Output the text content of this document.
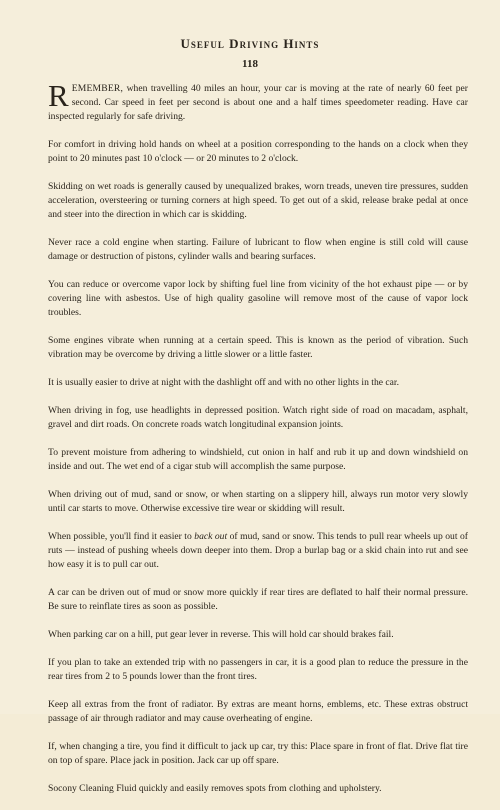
Useful Driving Hints
118

REMEMBER, when travelling 40 miles an hour, your car is moving at the rate of nearly 60 feet per second. Car speed in feet per second is about one and a half times speedometer reading. Have car inspected regularly for safe driving.

For comfort in driving hold hands on wheel at a position corresponding to the hands on a clock when they point to 20 minutes past 10 o'clock — or 20 minutes to 2 o'clock.

Skidding on wet roads is generally caused by unequalized brakes, worn treads, uneven tire pressures, sudden acceleration, oversteering or turning corners at high speed. To get out of a skid, release brake pedal at once and steer into the direction in which car is skidding.

Never race a cold engine when starting. Failure of lubricant to flow when engine is still cold will cause damage or destruction of pistons, cylinder walls and bearing surfaces.

You can reduce or overcome vapor lock by shifting fuel line from vicinity of the hot exhaust pipe — or by covering line with asbestos. Use of high quality gasoline will remove most of the cause of vapor lock troubles.

Some engines vibrate when running at a certain speed. This is known as the period of vibration. Such vibration may be overcome by driving a little slower or a little faster.

It is usually easier to drive at night with the dashlight off and with no other lights in the car.

When driving in fog, use headlights in depressed position. Watch right side of road on macadam, asphalt, gravel and dirt roads. On concrete roads watch longitudinal expansion joints.

To prevent moisture from adhering to windshield, cut onion in half and rub it up and down windshield on inside and out. The wet end of a cigar stub will accomplish the same purpose.

When driving out of mud, sand or snow, or when starting on a slippery hill, always run motor very slowly until car starts to move. Otherwise excessive tire wear or skidding will result.

When possible, you'll find it easier to back out of mud, sand or snow. This tends to pull rear wheels up out of ruts — instead of pushing wheels down deeper into them. Drop a burlap bag or a skid chain into rut and see how easy it is to pull car out.

A car can be driven out of mud or snow more quickly if rear tires are deflated to half their normal pressure. Be sure to reinflate tires as soon as possible.

When parking car on a hill, put gear lever in reverse. This will hold car should brakes fail.

If you plan to take an extended trip with no passengers in car, it is a good plan to reduce the pressure in the rear tires from 2 to 5 pounds lower than the front tires.

Keep all extras from the front of radiator. By extras are meant horns, emblems, etc. These extras obstruct passage of air through radiator and may cause overheating of engine.

If, when changing a tire, you find it difficult to jack up car, try this: Place spare in front of flat. Drive flat tire on top of spare. Place jack in position. Jack car up off spare.

Socony Cleaning Fluid quickly and easily removes spots from clothing and upholstery.
